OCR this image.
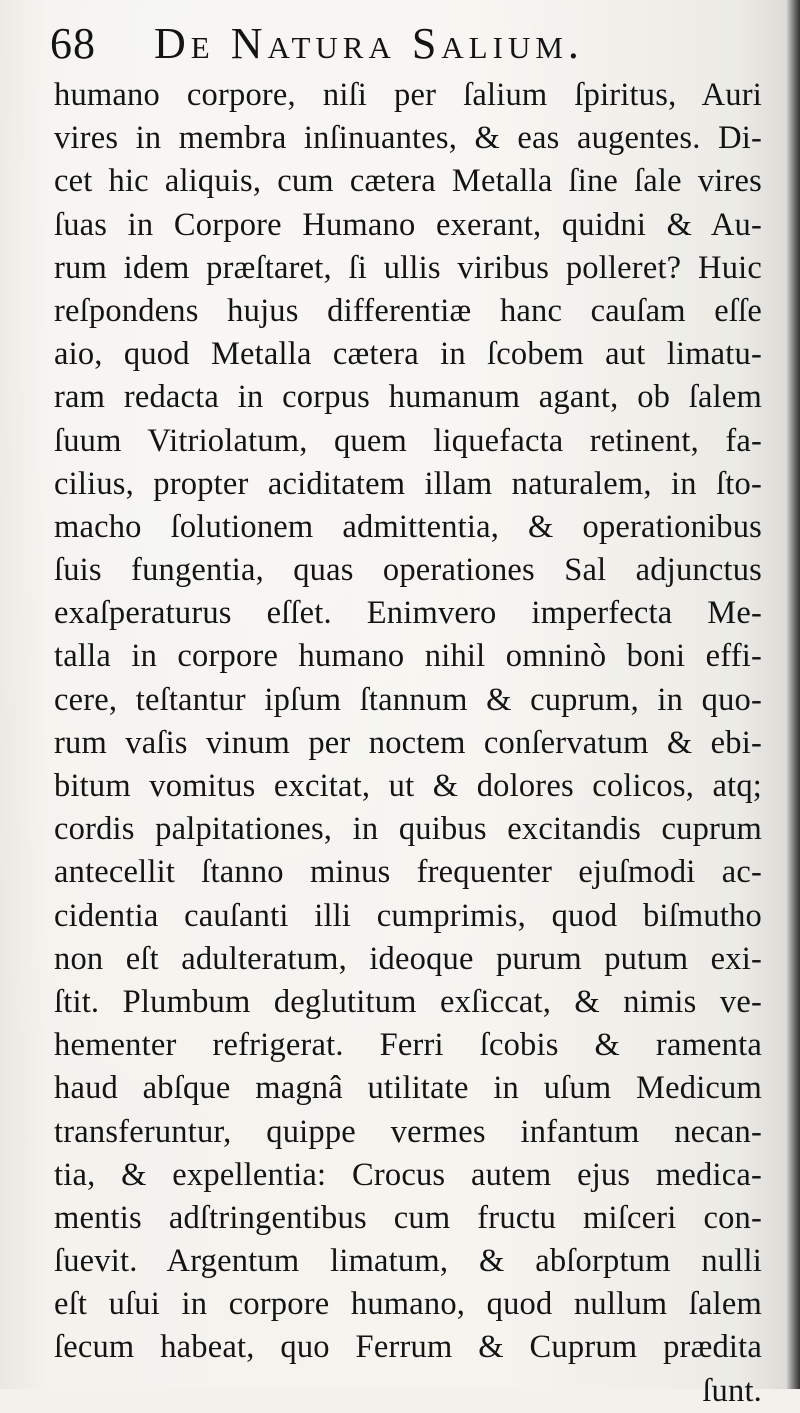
68 De Natura Salium.
humano corpore, niſi per ſalium ſpiritus, Auri
vires in membra inſinuantes, & eas augentes. Di-
cet hic aliquis, cum cætera Metalla ſine ſale vires
ſuas in Corpore Humano exerant, quidni & Au-
rum idem præſtaret, ſi ullis viribus polleret? Huic
reſpondens hujus differentiæ hanc cauſam eſſe
aio, quod Metalla cætera in ſcobem aut limatu-
ram redacta in corpus humanum agant, ob ſalem
ſuum Vitriolatum, quem liquefacta retinent, fa-
cilius, propter aciditatem illam naturalem, in ſto-
macho ſolutionem admittentia, & operationibus
ſuis fungentia, quas operationes Sal adjunctus
exaſperaturus eſſet. Enimvero imperfecta Me-
talla in corpore humano nihil omninò boni effi-
cere, teſtantur ipſum ſtannum & cuprum, in quo-
rum vaſis vinum per noctem conſervatum & ebi-
bitum vomitus excitat, ut & dolores colicos, atq;
cordis palpitationes, in quibus excitandis cuprum
antecellit ſtanno minus frequenter ejuſmodi ac-
cidentia cauſanti illi cumprimis, quod biſmutho
non eſt adulteratum, ideoque purum putum exi-
ſtit. Plumbum deglutitum exſiccat, & nimis ve-
hementer refrigerat. Ferri ſcobis & ramenta
haud abſque magnâ utilitate in uſum Medicum
transferuntur, quippe vermes infantum necan-
tia, & expellentia: Crocus autem ejus medica-
mentis adſtringentibus cum fructu miſceri con-
ſuevit. Argentum limatum, & abſorptum nulli
eſt uſui in corpore humano, quod nullum ſalem
ſecum habeat, quo Ferrum & Cuprum prædita
ſunt.
